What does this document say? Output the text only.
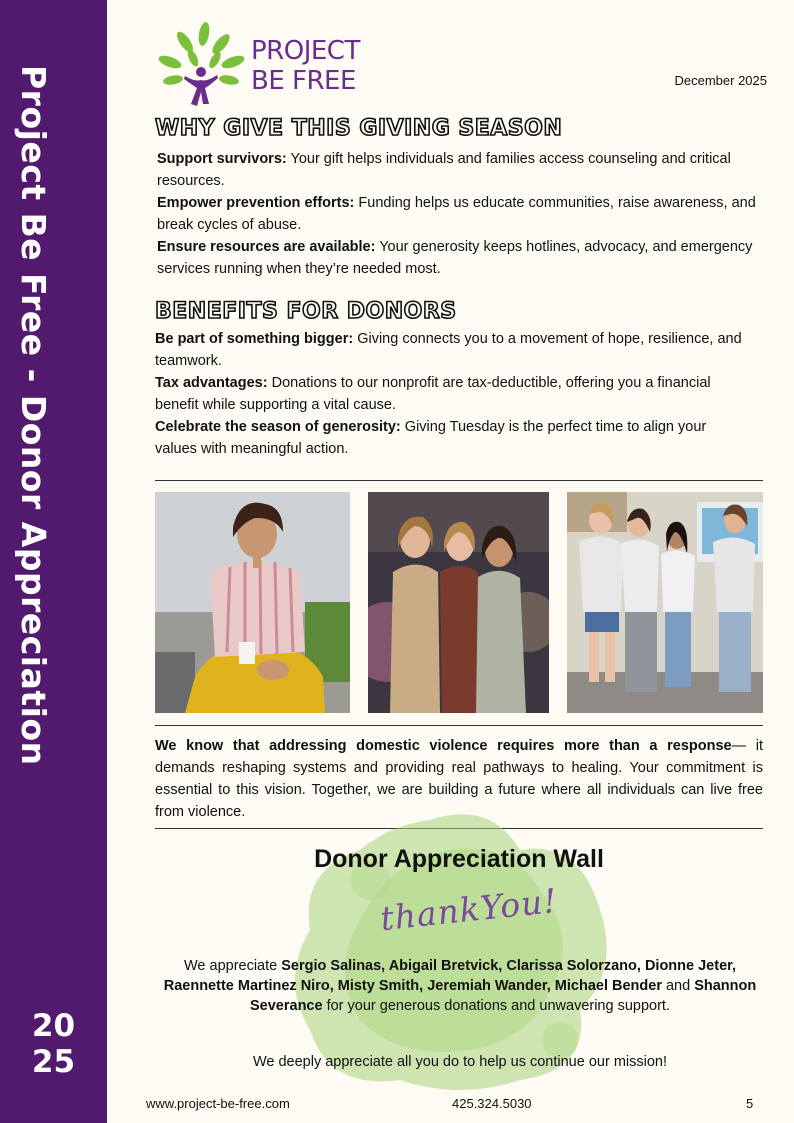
Project Be Free - Donor Appreciation
20
25
PROJECT
BE FREE	December 2025
WHY GIVE THIS GIVING SEASON

Support survivors: Your gift helps individuals and families access counseling and critical resources.

Empower prevention efforts: Funding helps us educate communities, raise awareness, and break cycles of abuse.

Ensure resources are available: Your generosity keeps hotlines, advocacy, and emergency services running when they’re needed most.

BENEFITS FOR DONORS

Be part of something bigger: Giving connects you to a movement of hope, resilience, and teamwork.

Tax advantages: Donations to our nonprofit are tax-deductible, offering you a financial benefit while supporting a vital cause.

Celebrate the season of generosity: Giving Tuesday is the perfect time to align your values with meaningful action.

We know that addressing domestic violence requires more than a response— it demands reshaping systems and providing real pathways to healing. Your commitment is essential to this vision. Together, we are building a future where all individuals can live free from violence.
Donor Appreciation Wall
thankYou!
We appreciate Sergio Salinas, Abigail Bretvick, Clarissa Solorzano, Dionne Jeter, Raennette Martinez Niro, Misty Smith, Jeremiah Wander, Michael Bender and Shannon Severance for your generous donations and unwavering support.
We deeply appreciate all you do to help us continue our mission!
www.project-be-free.com	425.324.5030	5
